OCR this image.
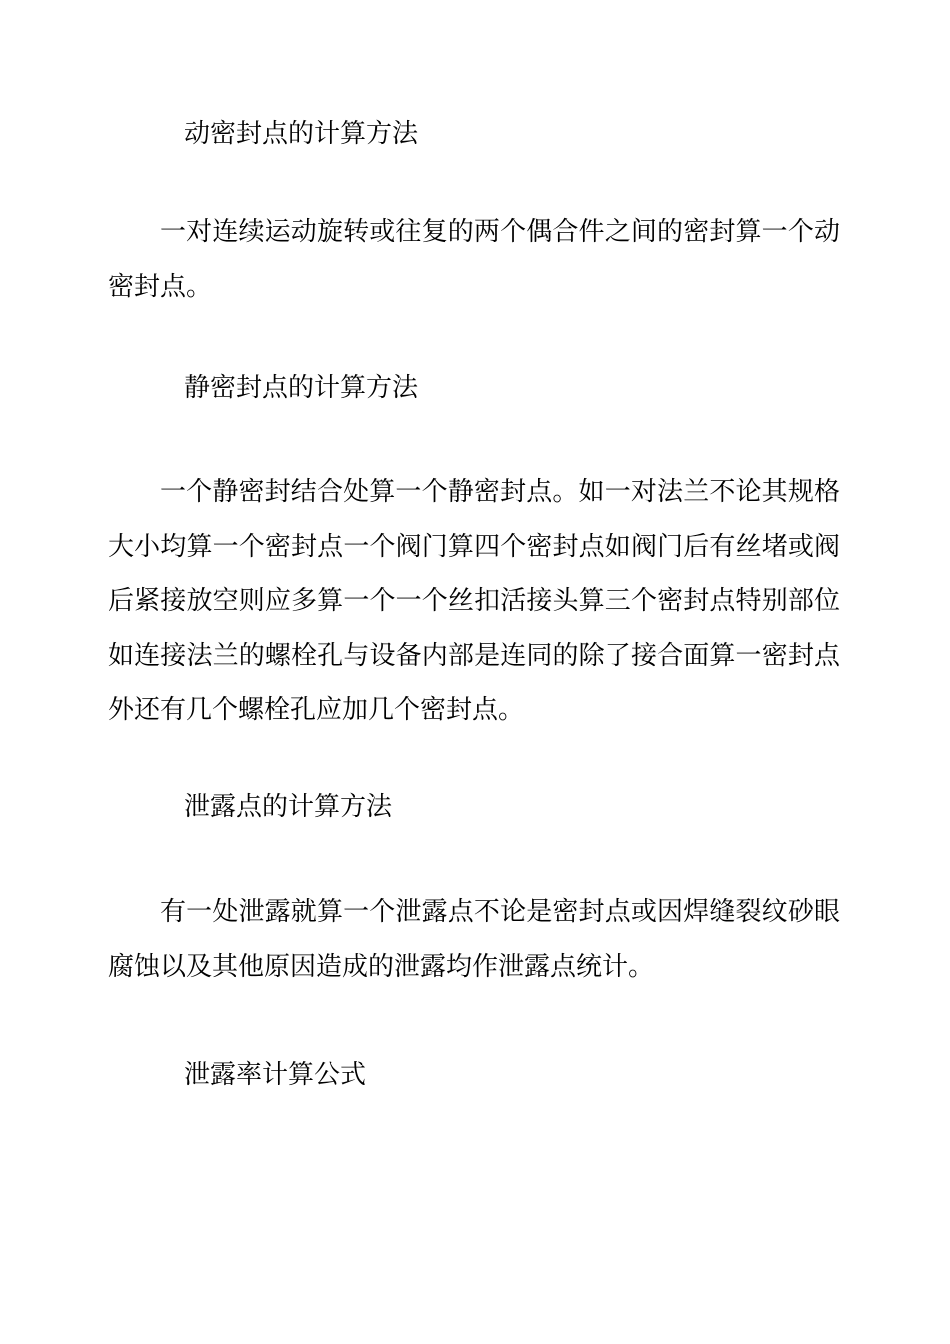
动密封点的计算方法

一对连续运动旋转或往复的两个偶合件之间的密封算一个动密封点。

静密封点的计算方法

一个静密封结合处算一个静密封点。如一对法兰不论其规格大小均算一个密封点一个阀门算四个密封点如阀门后有丝堵或阀后紧接放空则应多算一个一个丝扣活接头算三个密封点特别部位如连接法兰的螺栓孔与设备内部是连同的除了接合面算一密封点外还有几个螺栓孔应加几个密封点。

泄露点的计算方法

有一处泄露就算一个泄露点不论是密封点或因焊缝裂纹砂眼腐蚀以及其他原因造成的泄露均作泄露点统计。

泄露率计算公式
